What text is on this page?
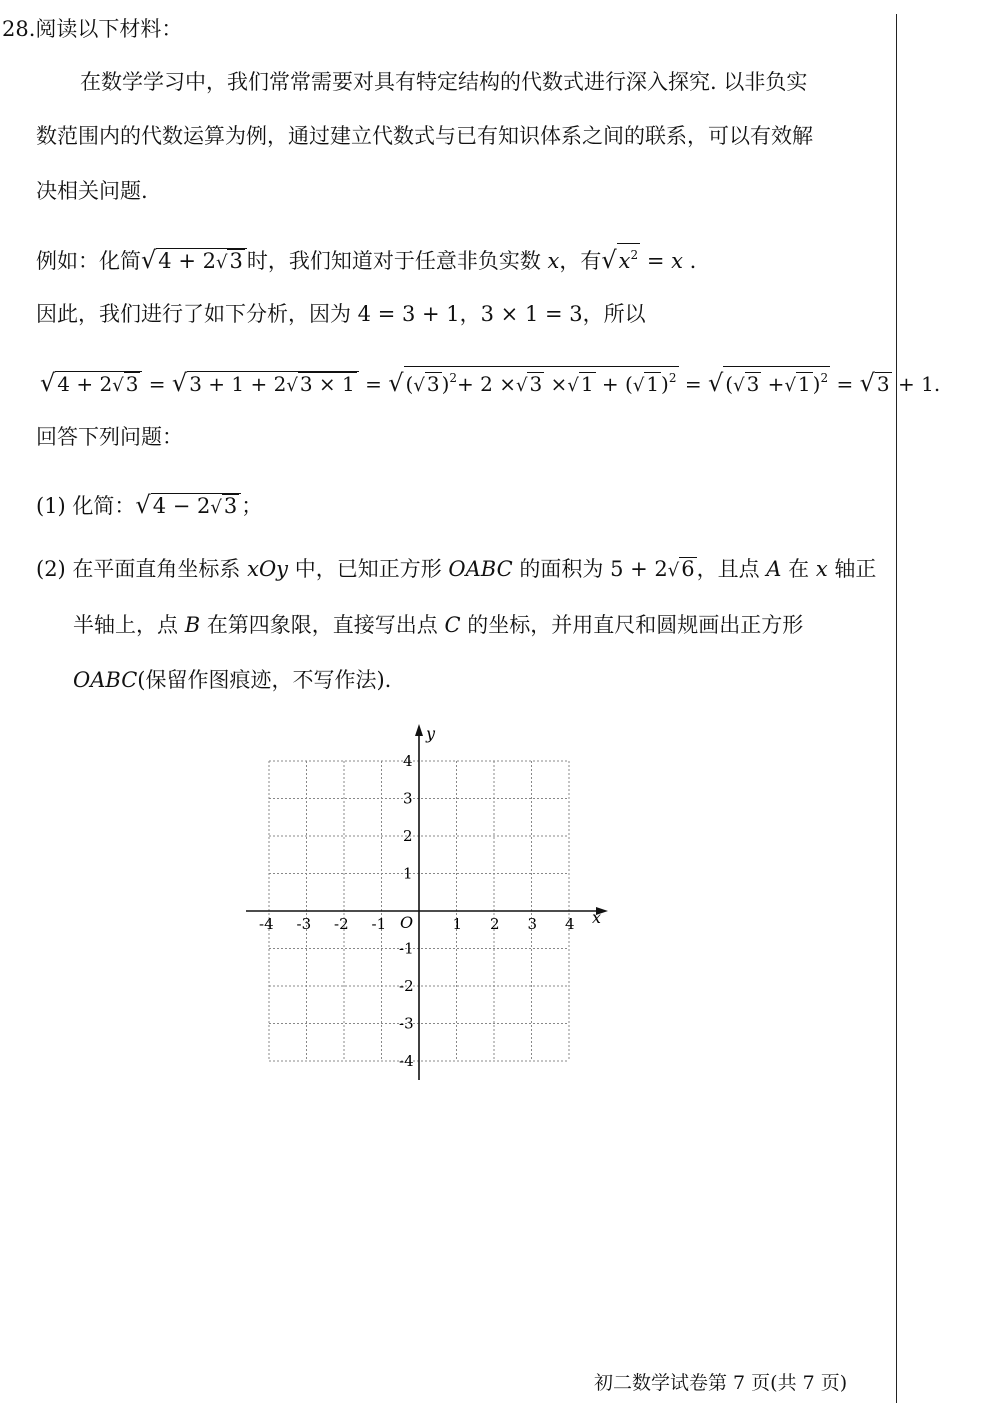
28.阅读以下材料：
在数学学习中，我们常常需要对具有特定结构的代数式进行深入探究. 以非负实
数范围内的代数运算为例，通过建立代数式与已有知识体系之间的联系，可以有效解
决相关问题.
例如：化简√4 + 2√3 时，我们知道对于任意非负实数 x，有$√x^2 = x$ .
因此，我们进行了如下分析，因为 4 = 3 + 1，3 × 1 = 3，所以
√ 4 + 2√ 3 = √ 3 + 1 + 2√ 3 × 1 = √ (√ 3 )$^2$+ 2 ×√ 3 ×√ 1 + (√ 1 )$^2$ = √ (√ 3 +√ 1 )$^2$ = √ 3 + 1.
回答下列问题：
(1) 化简：√4 − 2√3 ；
(2) 在平面直角坐标系 xOy 中，已知正方形 OABC 的面积为 5 + 2√6，且点 A 在 x 轴正
半轴上，点 B 在第四象限，直接写出点 C 的坐标，并用直尺和圆规画出正方形
OABC(保留作图痕迹，不写作法).
x
y
O
-4 -3 -2 -1	1 2 3 4
4
3
2
1
-1
-2
-3
-4
初二数学试卷第 7 页(共 7 页)
